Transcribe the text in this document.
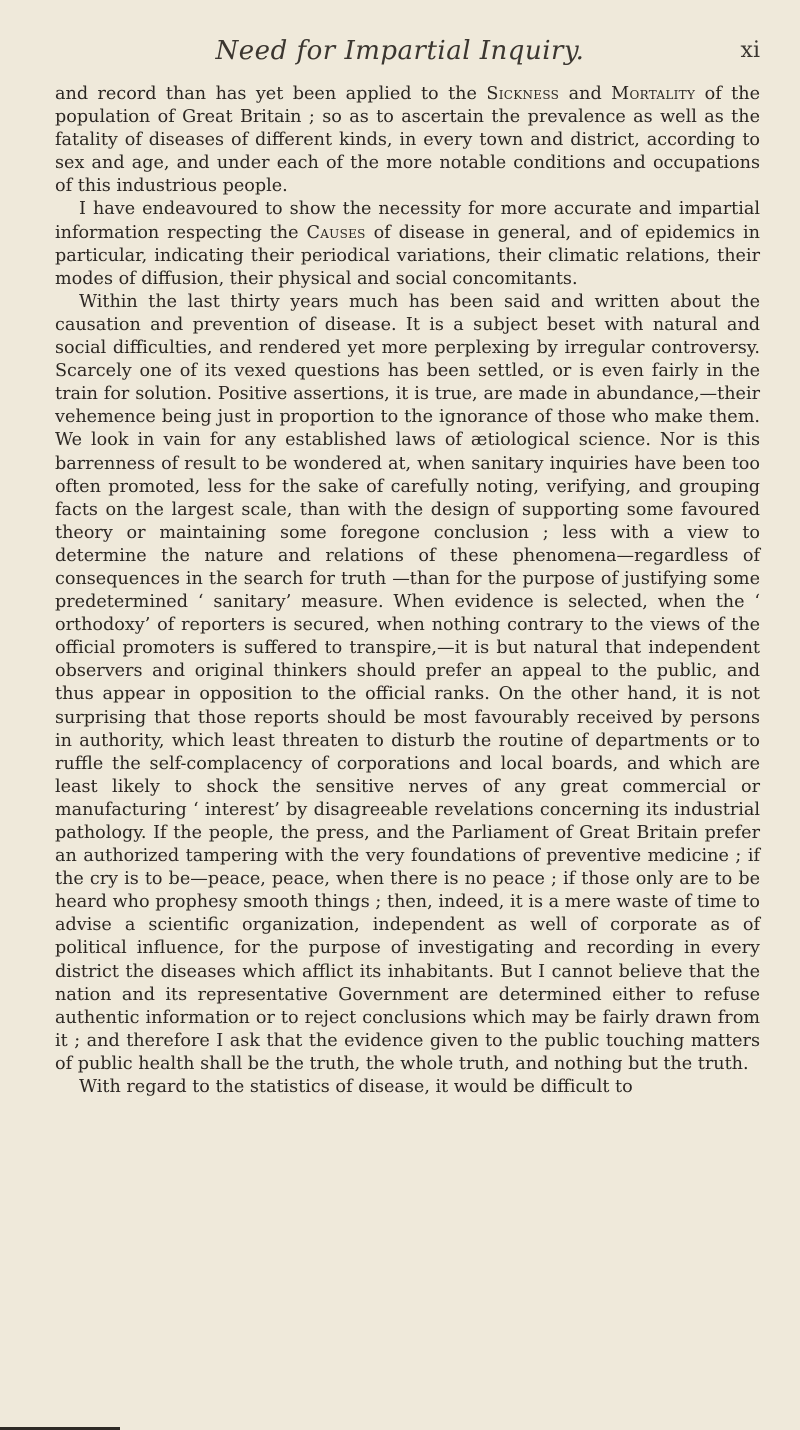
Need for Impartial Inquiry.	xi

and record than has yet been applied to the Sickness and Mortality of the population of Great Britain ; so as to ascertain the prevalence as well as the fatality of diseases of different kinds, in every town and district, according to sex and age, and under each of the more notable conditions and occupations of this industrious people.

I have endeavoured to show the necessity for more accurate and impartial information respecting the Causes of disease in general, and of epidemics in particular, indicating their periodical variations, their climatic relations, their modes of diffusion, their physical and social concomitants.

Within the last thirty years much has been said and written about the causation and prevention of disease. It is a subject beset with natural and social difficulties, and rendered yet more perplexing by irregular controversy. Scarcely one of its vexed questions has been settled, or is even fairly in the train for solution. Positive assertions, it is true, are made in abundance,—their vehemence being just in proportion to the ignorance of those who make them. We look in vain for any established laws of ætiological science. Nor is this barrenness of result to be wondered at, when sanitary inquiries have been too often promoted, less for the sake of carefully noting, verifying, and grouping facts on the largest scale, than with the design of supporting some favoured theory or maintaining some foregone conclusion ; less with a view to determine the nature and relations of these phenomena—regardless of consequences in the search for truth —than for the purpose of justifying some predetermined ‘ sanitary’ measure. When evidence is selected, when the ‘ orthodoxy’ of reporters is secured, when nothing contrary to the views of the official promoters is suffered to transpire,—it is but natural that independent observers and original thinkers should prefer an appeal to the public, and thus appear in opposition to the official ranks. On the other hand, it is not surprising that those reports should be most favourably received by persons in authority, which least threaten to disturb the routine of departments or to ruffle the self-complacency of corporations and local boards, and which are least likely to shock the sensitive nerves of any great commercial or manufacturing ‘ interest’ by disagreeable revelations concerning its industrial pathology. If the people, the press, and the Parliament of Great Britain prefer an authorized tampering with the very foundations of preventive medicine ; if the cry is to be—peace, peace, when there is no peace ; if those only are to be heard who prophesy smooth things ; then, indeed, it is a mere waste of time to advise a scientific organization, independent as well of corporate as of political influence, for the purpose of investigating and recording in every district the diseases which afflict its inhabitants. But I cannot believe that the nation and its representative Government are determined either to refuse authentic information or to reject conclusions which may be fairly drawn from it ; and therefore I ask that the evidence given to the public touching matters of public health shall be the truth, the whole truth, and nothing but the truth.

With regard to the statistics of disease, it would be difficult to
